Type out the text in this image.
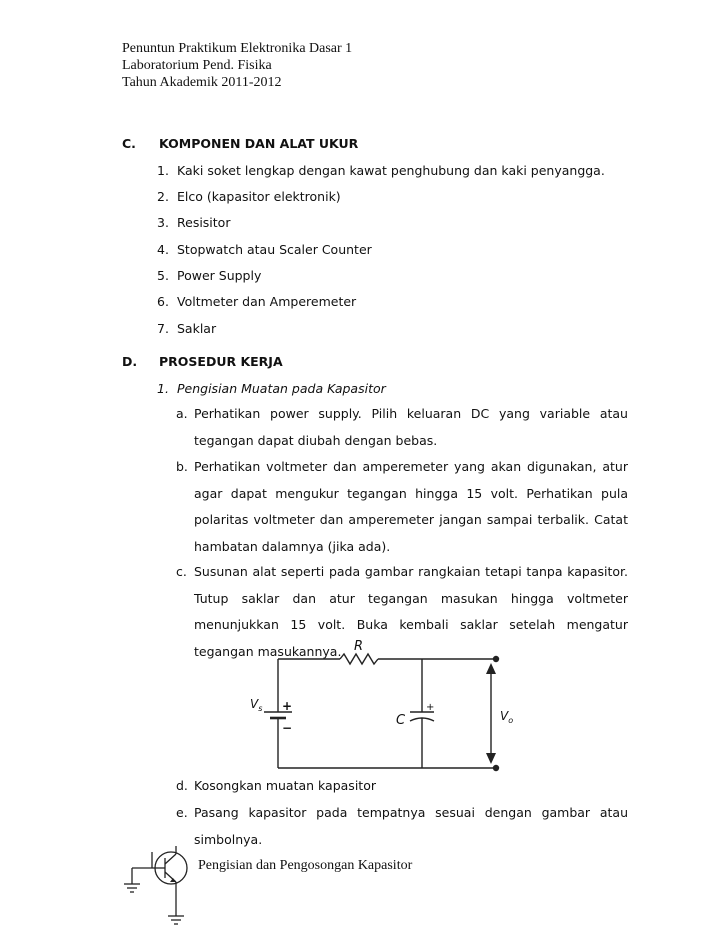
Penuntun Praktikum Elektronika Dasar 1
Laboratorium Pend. Fisika
Tahun Akademik 2011-2012
C. KOMPONEN DAN ALAT UKUR
1. Kaki soket lengkap dengan kawat penghubung dan kaki penyangga.
2. Elco (kapasitor elektronik)
3. Resisitor
4. Stopwatch atau Scaler Counter
5. Power Supply
6. Voltmeter dan Amperemeter
7. Saklar
D. PROSEDUR KERJA
1. Pengisian Muatan pada Kapasitor
a. Perhatikan power supply. Pilih keluaran DC yang variable atau tegangan dapat diubah dengan bebas.
b. Perhatikan voltmeter dan amperemeter yang akan digunakan, atur agar dapat mengukur tegangan hingga 15 volt. Perhatikan pula polaritas voltmeter dan amperemeter jangan sampai terbalik. Catat hambatan dalamnya (jika ada).
c. Susunan alat seperti pada gambar rangkaian tetapi tanpa kapasitor. Tutup saklar dan atur tegangan masukan hingga voltmeter menunjukkan 15 volt. Buka kembali saklar setelah mengatur tegangan masukannya. R
$V_s$ +
−	C
+
$V_o$
d. Kosongkan muatan kapasitor
e. Pasang kapasitor pada tempatnya sesuai dengan gambar atau simbolnya.
Pengisian dan Pengosongan Kapasitor
